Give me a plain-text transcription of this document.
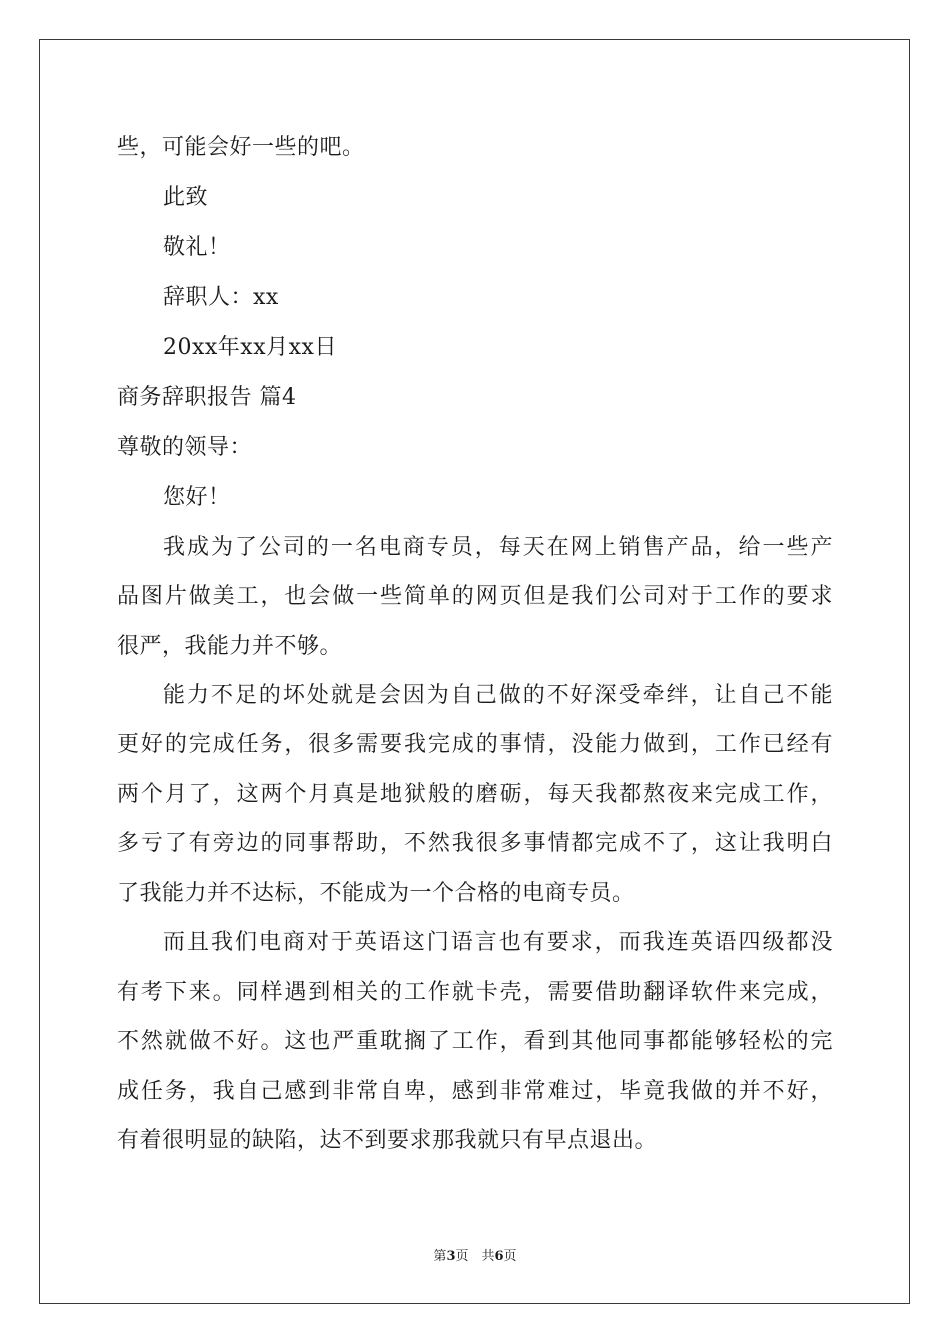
些，可能会好一些的吧。
此致
敬礼！
辞职人：xx
20xx年xx月xx日
商务辞职报告 篇4
尊敬的领导：
您好！
我成为了公司的一名电商专员，每天在网上销售产品，给一些产
品图片做美工，也会做一些简单的网页但是我们公司对于工作的要求
很严，我能力并不够。
能力不足的坏处就是会因为自己做的不好深受牵绊，让自己不能
更好的完成任务，很多需要我完成的事情，没能力做到，工作已经有
两个月了，这两个月真是地狱般的磨砺，每天我都熬夜来完成工作，
多亏了有旁边的同事帮助，不然我很多事情都完成不了，这让我明白
了我能力并不达标，不能成为一个合格的电商专员。
而且我们电商对于英语这门语言也有要求，而我连英语四级都没
有考下来。同样遇到相关的工作就卡壳，需要借助翻译软件来完成，
不然就做不好。这也严重耽搁了工作，看到其他同事都能够轻松的完
成任务，我自己感到非常自卑，感到非常难过，毕竟我做的并不好，
有着很明显的缺陷，达不到要求那我就只有早点退出。
第3页　共6页
